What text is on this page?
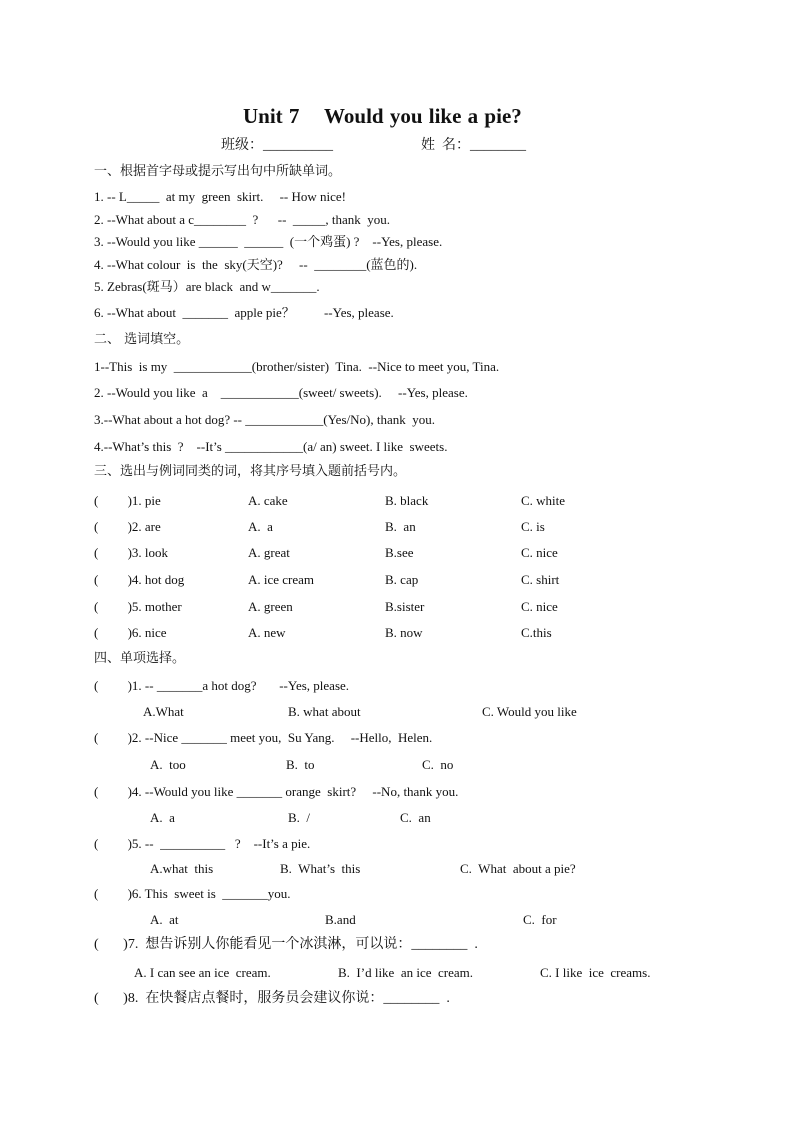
Unit 7    Would you like a pie?
班级：__________	姓  名：________
一、根据首字母或提示写出句中所缺单词。
1. -- L_____  at my  green  skirt.     -- How nice!
2. --What about a c________  ?      --  _____, thank  you.
3. --Would you like ______  ______  (一个鸡蛋) ?    --Yes, please.
4. --What colour  is  the  sky(天空)?     --  ________(蓝色的).
5. Zebras(斑马）are black  and w_______.
6. --What about  _______  apple pie？         --Yes, please.
二、 选词填空。
1--This  is my  ____________(brother/sister)  Tina.  --Nice to meet you, Tina.
2. --Would you like  a    ____________(sweet/ sweets).     --Yes, please.
3.--What about a hot dog? -- ____________(Yes/No), thank  you.
4.--What’s this  ?    --It’s ____________(a/ an) sweet. I like  sweets.
三、选出与例词同类的词，将其序号填入题前括号内。
(         )1. pie	A. cake	B. black	C. white
(         )2. are	A.  a	B.  an	C. is
(         )3. look	A. great	B.see	C. nice
(         )4. hot dog	A. ice cream	B. cap	C. shirt
(         )5. mother	A. green	B.sister	C. nice
(         )6. nice	A. new	B. now	C.this
四、单项选择。
(         )1. -- _______a hot dog?       --Yes, please.
A.What	B. what about	C. Would you like
(         )2. --Nice _______ meet you,  Su Yang.     --Hello,  Helen.
A.  too	B.  to	C.  no
(         )4. --Would you like _______ orange  skirt?     --No, thank you.
A.  a	B.  /	C.  an
(         )5. --  __________   ?    --It’s a pie.
A.what  this	B.  What’s  this	C.  What  about a pie?
(         )6. This  sweet is  _______you.
A.  at	B.and	C.  for
(       )7.  想告诉别人你能看见一个冰淇淋，可以说：________  .
A. I can see an ice  cream.	B.  I’d like  an ice  cream.	C. I like  ice  creams.
(       )8.  在快餐店点餐时，服务员会建议你说：________  .
